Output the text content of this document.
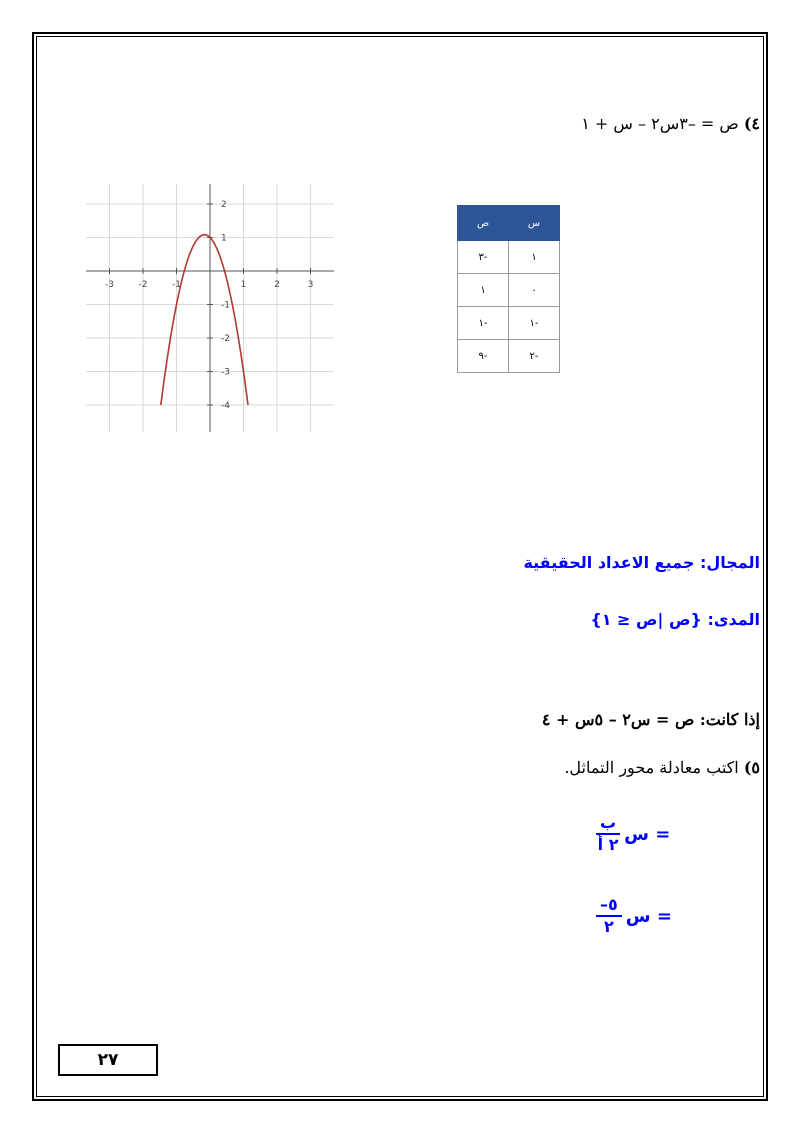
٤) ص = –٣س٢ – س + ١
-3	-2	-1	1	2	3
2
1
-1
-2
-3
-4
ص	س
٣-	١
١	٠
١-	١-
٩-	٢-
المجال: جميع الاعداد الحقيقية
المدى: {ص |ص ≤ ١}
إذا كانت: ص = س٢ – ٥س + ٤
٥) اكتب معادلة محور التماثل.
$\frac{\text{ب}}{\text{٢ أ}}$ س =
$\frac{-٥}{٢}$ س =
٢٧
